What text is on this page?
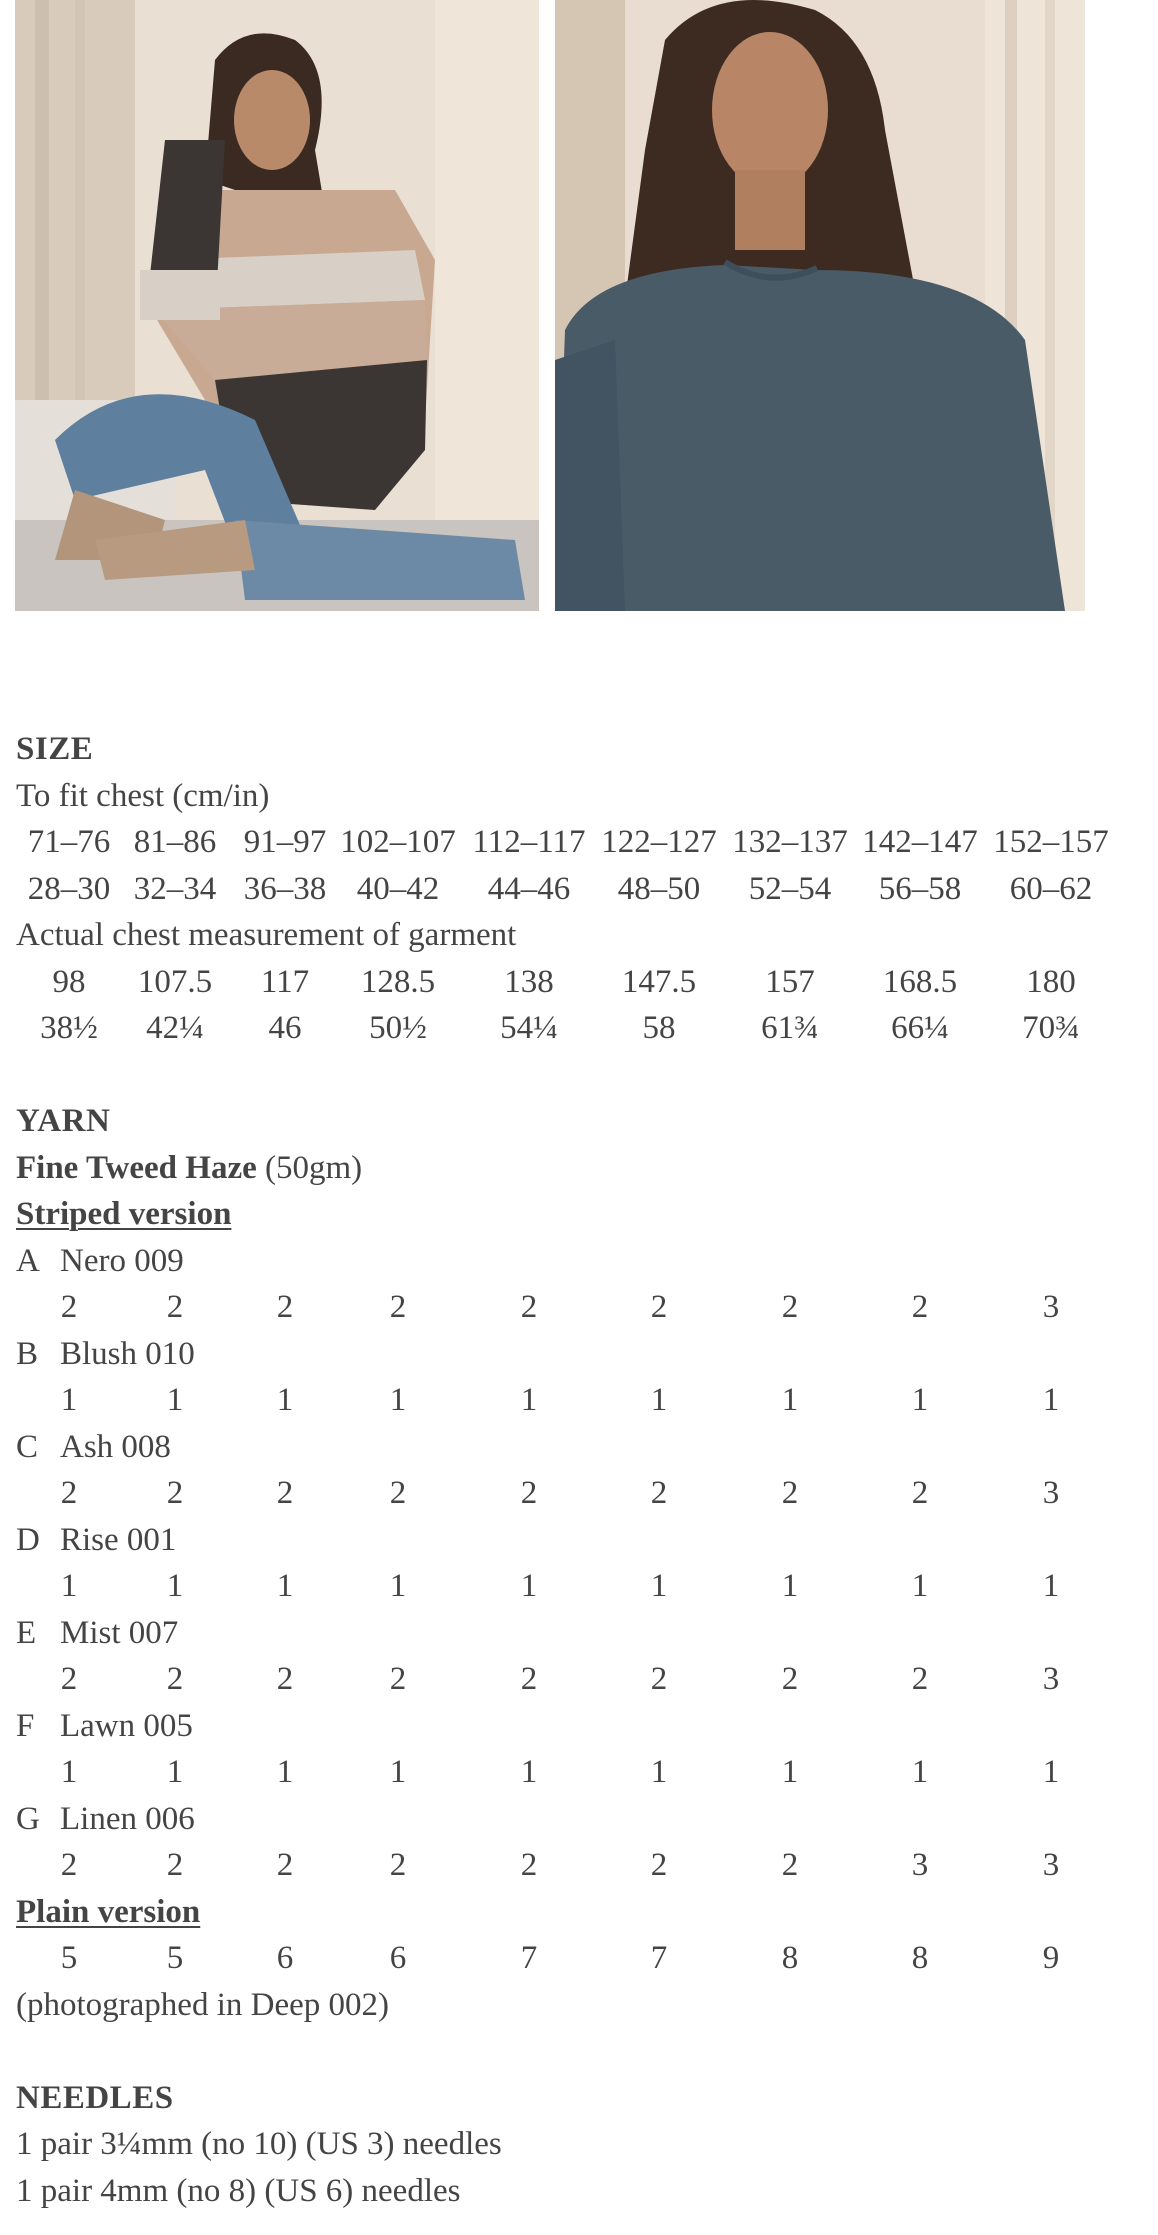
SIZE
To fit chest (cm/in)
71–76 81–86 91–97 102–107 112–117 122–127 132–137 142–147 152–157
28–30 32–34 36–38 40–42	44–46	48–50	52–54	56–58	60–62
Actual chest measurement of garment
98	107.5	117	128.5	138	147.5	157	168.5	180
38½	42¼	46	50½	54¼	58	61¾	66¼	70¾
YARN
Fine Tweed Haze (50gm)
Striped version
A Nero 009
2	2	2	2	2	2	2	2	3
B Blush 010
1	1	1	1	1	1	1	1	1
C Ash 008
2	2	2	2	2	2	2	2	3
D Rise 001
1	1	1	1	1	1	1	1	1
E Mist 007
2	2	2	2	2	2	2	2	3
F Lawn 005
1	1	1	1	1	1	1	1	1
G Linen 006
2	2	2	2	2	2	2	3	3
Plain version
5	5	6	6	7	7	8	8	9
(photographed in Deep 002)
NEEDLES
1 pair 3¼mm (no 10) (US 3) needles
1 pair 4mm (no 8) (US 6) needles
